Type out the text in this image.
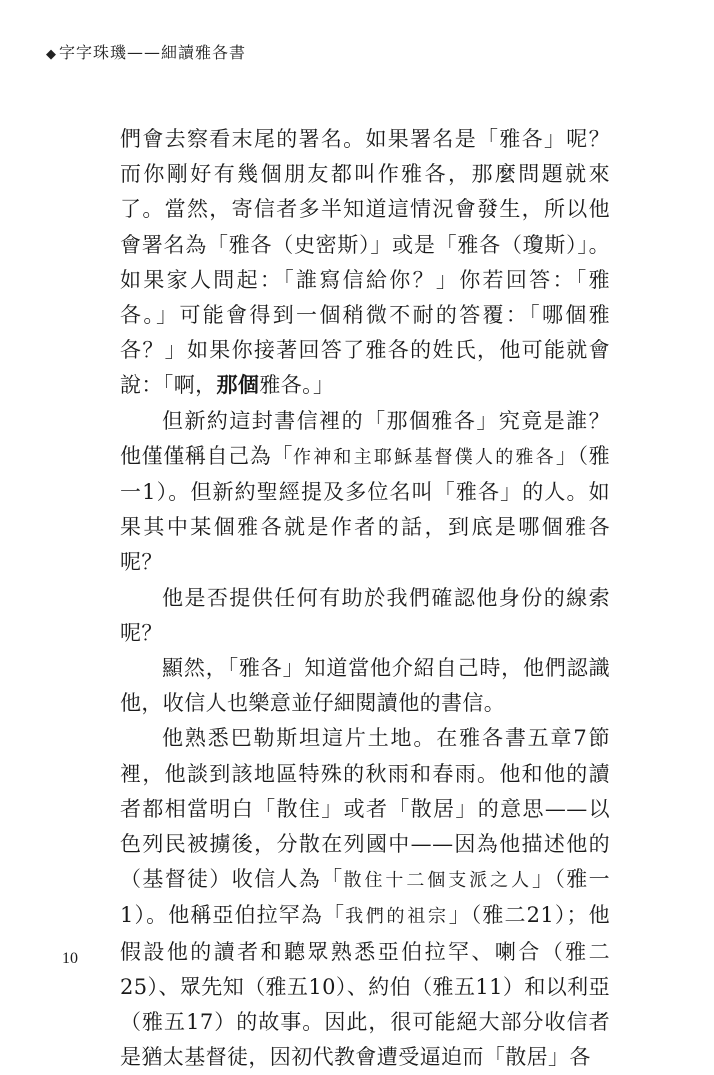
◆ 字字珠璣——細讀雅各書

們會去察看末尾的署名。如果署名是「雅各」呢？而你剛好有幾個朋友都叫作雅各，那麼問題就來了。當然，寄信者多半知道這情況會發生，所以他會署名為「雅各（史密斯）」或是「雅各（瓊斯）」。如果家人問起：「誰寫信給你？」你若回答：「雅各。」可能會得到一個稍微不耐的答覆：「哪個雅各？」如果你接著回答了雅各的姓氏，他可能就會說：「啊，那個雅各。」

但新約這封書信裡的「那個雅各」究竟是誰？他僅僅稱自己為「作神和主耶穌基督僕人的雅各」（雅一1）。但新約聖經提及多位名叫「雅各」的人。如果其中某個雅各就是作者的話，到底是哪個雅各呢？

他是否提供任何有助於我們確認他身份的線索呢？

顯然，「雅各」知道當他介紹自己時，他們認識他，收信人也樂意並仔細閱讀他的書信。

他熟悉巴勒斯坦這片土地。在雅各書五章7節裡，他談到該地區特殊的秋雨和春雨。他和他的讀者都相當明白「散住」或者「散居」的意思——以色列民被擄後，分散在列國中——因為他描述他的（基督徒）收信人為「散住十二個支派之人」（雅一1）。他稱亞伯拉罕為「我們的祖宗」（雅二21）；他假設他的讀者和聽眾熟悉亞伯拉罕、喇合（雅二25）、眾先知（雅五10）、約伯（雅五11）和以利亞（雅五17）的故事。因此，很可能絕大部分收信者是猶太基督徒，因初代教會遭受逼迫而「散居」各

10
